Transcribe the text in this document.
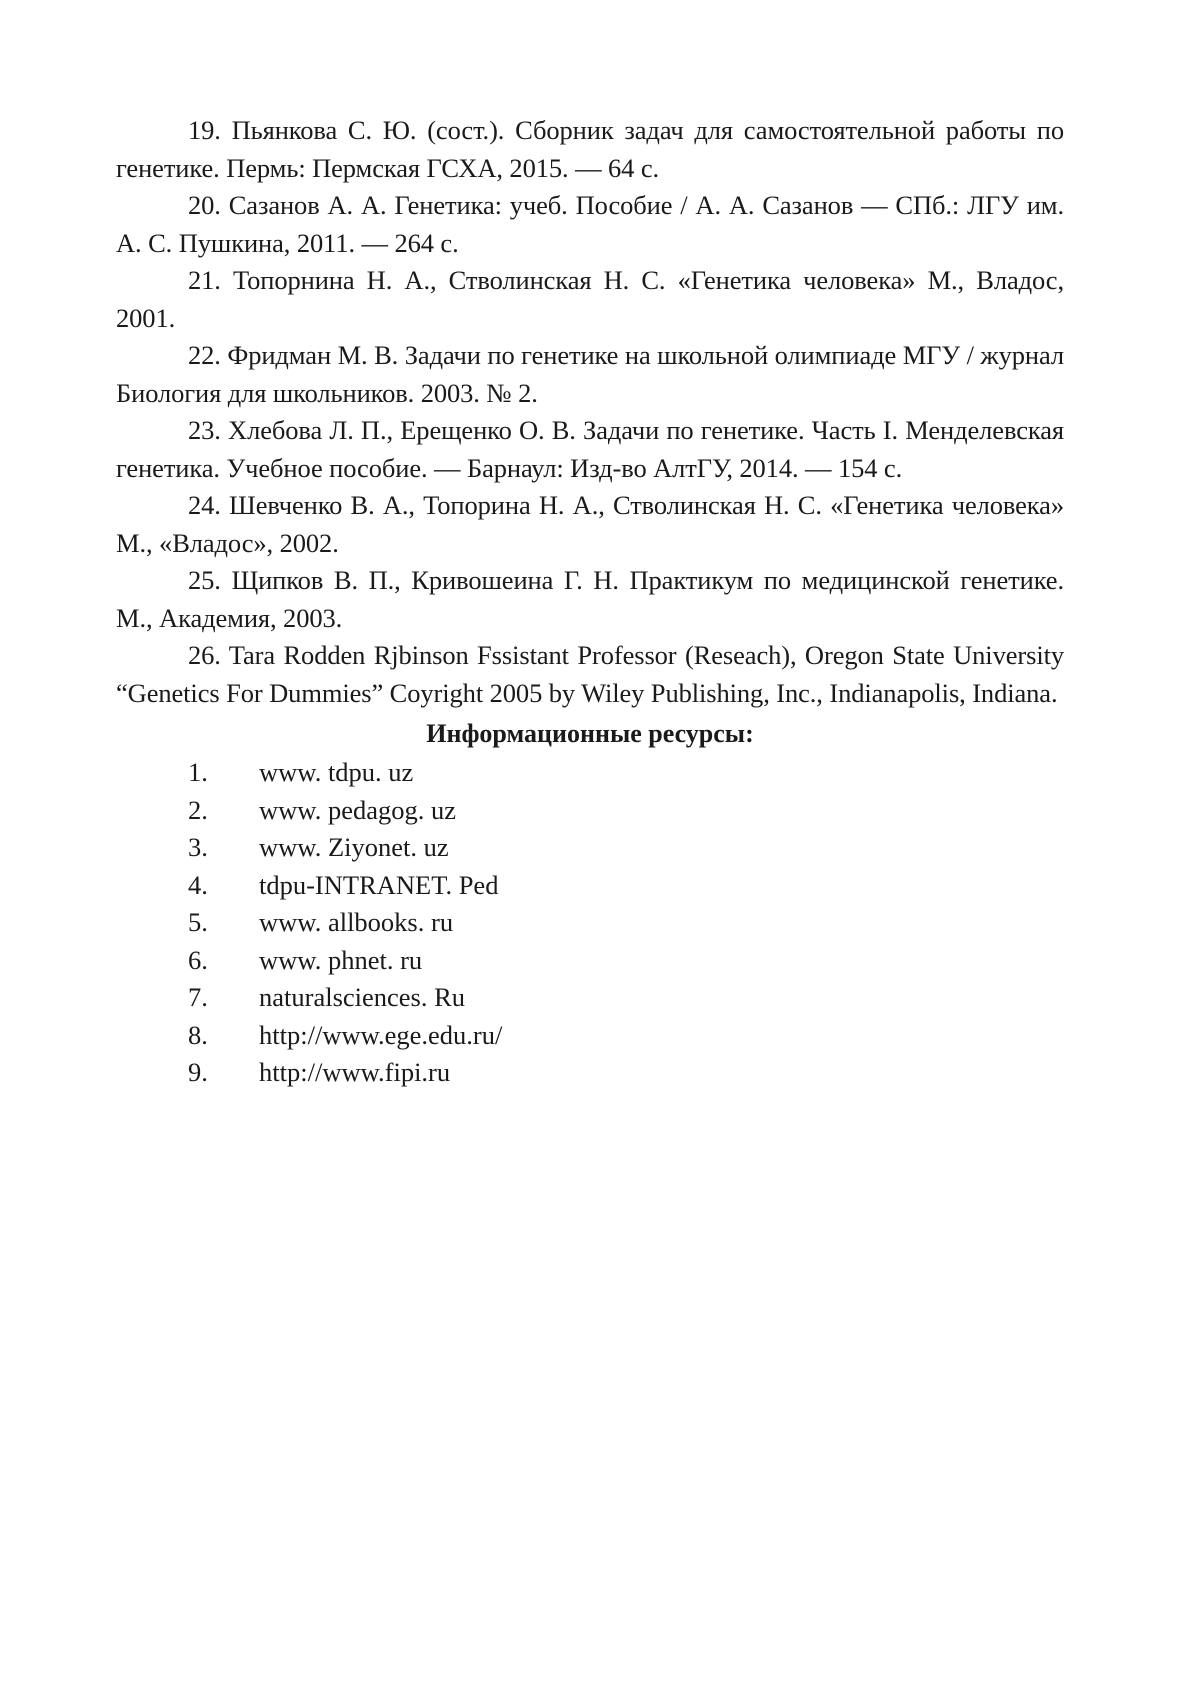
19. Пьянкова С. Ю. (сост.). Сборник задач для самостоятельной работы по генетике. Пермь: Пермская ГСХА, 2015. — 64 с.

20. Сазанов А. А. Генетика: учеб. Пособие / А. А. Сазанов — СПб.: ЛГУ им. А. С. Пушкина, 2011. — 264 с.

21. Топорнина Н. А., Стволинская Н. С. «Генетика человека» М., Владос, 2001.

22. Фридман М. В. Задачи по генетике на школьной олимпиаде МГУ / журнал Биология для школьников. 2003. № 2.

23. Хлебова Л. П., Ерещенко О. В. Задачи по генетике. Часть I. Менделевская генетика. Учебное пособие. — Барнаул: Изд-во АлтГУ, 2014. — 154 с.

24. Шевченко В. А., Топорина Н. А., Стволинская Н. С. «Генетика человека» М., «Владос», 2002.

25. Щипков В. П., Кривошеина Г. Н. Практикум по медицинской генетике. М., Академия, 2003.

26. Tara Rodden Rjbinson Fssistant Professor (Reseach), Oregon State University “Genetics For Dummies” Coyright 2005 by Wiley Publishing, Inc., Indianapolis, Indiana.

Информационные ресурсы:
1.	www. tdpu. uz
2.	www. pedagog. uz
3.	www. Ziyonet. uz
4.	tdpu-INTRANET. Ped
5.	www. allbooks. ru
6.	www. phnet. ru
7.	naturalsciences. Ru
8.	http://www.ege.edu.ru/
9.	http://www.fipi.ru
